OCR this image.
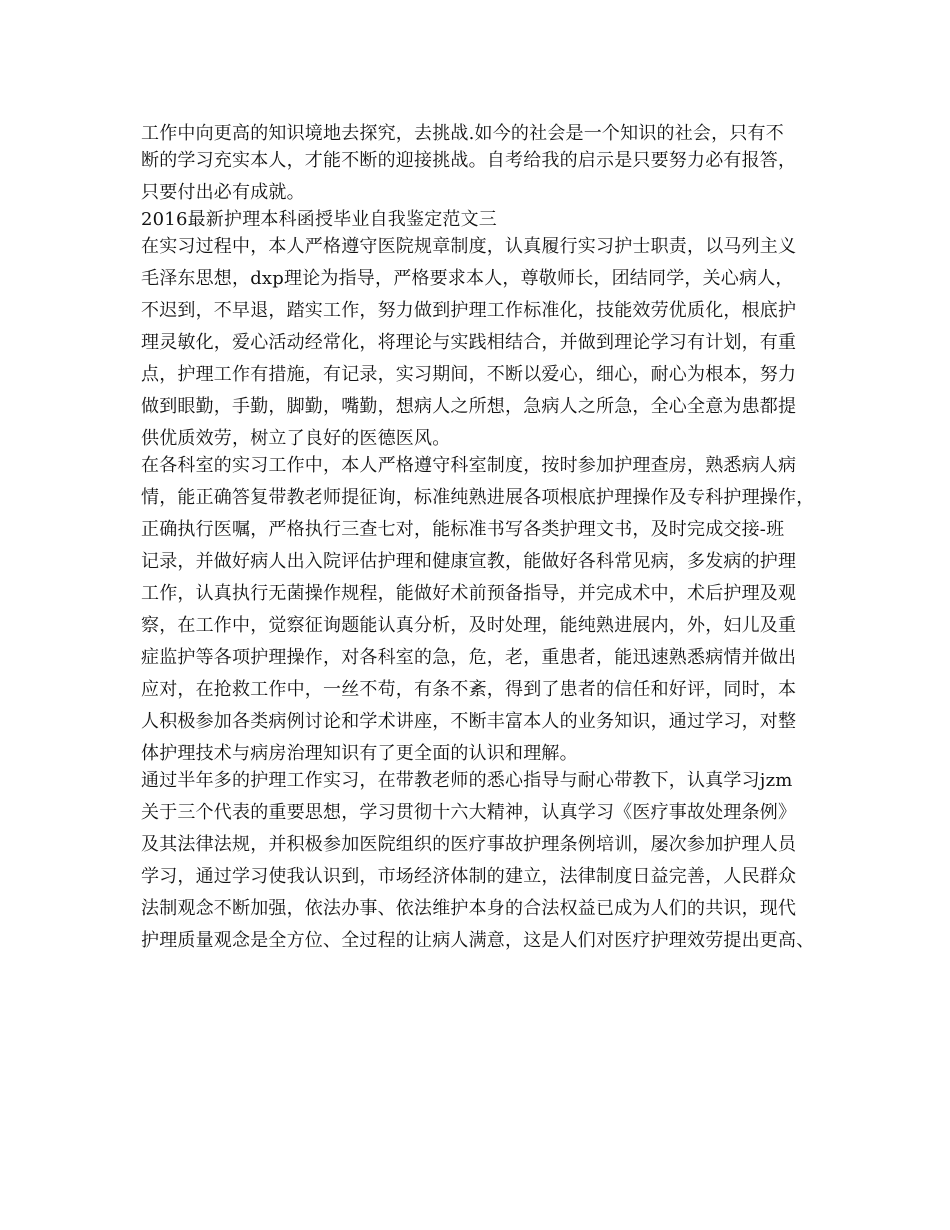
工作中向更高的知识境地去探究，去挑战.如今的社会是一个知识的社会，只有不
断的学习充实本人，才能不断的迎接挑战。自考给我的启示是只要努力必有报答，
只要付出必有成就。
2016最新护理本科函授毕业自我鉴定范文三
在实习过程中，本人严格遵守医院规章制度，认真履行实习护士职责，以马列主义
毛泽东思想，dxp理论为指导，严格要求本人，尊敬师长，团结同学，关心病人，
不迟到，不早退，踏实工作，努力做到护理工作标准化，技能效劳优质化，根底护
理灵敏化，爱心活动经常化，将理论与实践相结合，并做到理论学习有计划，有重
点，护理工作有措施，有记录，实习期间，不断以爱心，细心，耐心为根本，努力
做到眼勤，手勤，脚勤，嘴勤，想病人之所想，急病人之所急，全心全意为患都提
供优质效劳，树立了良好的医德医风。
在各科室的实习工作中，本人严格遵守科室制度，按时参加护理查房，熟悉病人病
情，能正确答复带教老师提征询，标准纯熟进展各项根底护理操作及专科护理操作，
正确执行医嘱，严格执行三查七对，能标准书写各类护理文书，及时完成交接-班
记录，并做好病人出入院评估护理和健康宣教，能做好各科常见病，多发病的护理
工作，认真执行无菌操作规程，能做好术前预备指导，并完成术中，术后护理及观
察，在工作中，觉察征询题能认真分析，及时处理，能纯熟进展内，外，妇儿及重
症监护等各项护理操作，对各科室的急，危，老，重患者，能迅速熟悉病情并做出
应对，在抢救工作中，一丝不苟，有条不紊，得到了患者的信任和好评，同时，本
人积极参加各类病例讨论和学术讲座，不断丰富本人的业务知识，通过学习，对整
体护理技术与病房治理知识有了更全面的认识和理解。
通过半年多的护理工作实习，在带教老师的悉心指导与耐心带教下，认真学习jzm
关于三个代表的重要思想，学习贯彻十六大精神，认真学习《医疗事故处理条例》
及其法律法规，并积极参加医院组织的医疗事故护理条例培训，屡次参加护理人员
学习，通过学习使我认识到，市场经济体制的建立，法律制度日益完善，人民群众
法制观念不断加强，依法办事、依法维护本身的合法权益已成为人们的共识，现代
护理质量观念是全方位、全过程的让病人满意，这是人们对医疗护理效劳提出更高、
